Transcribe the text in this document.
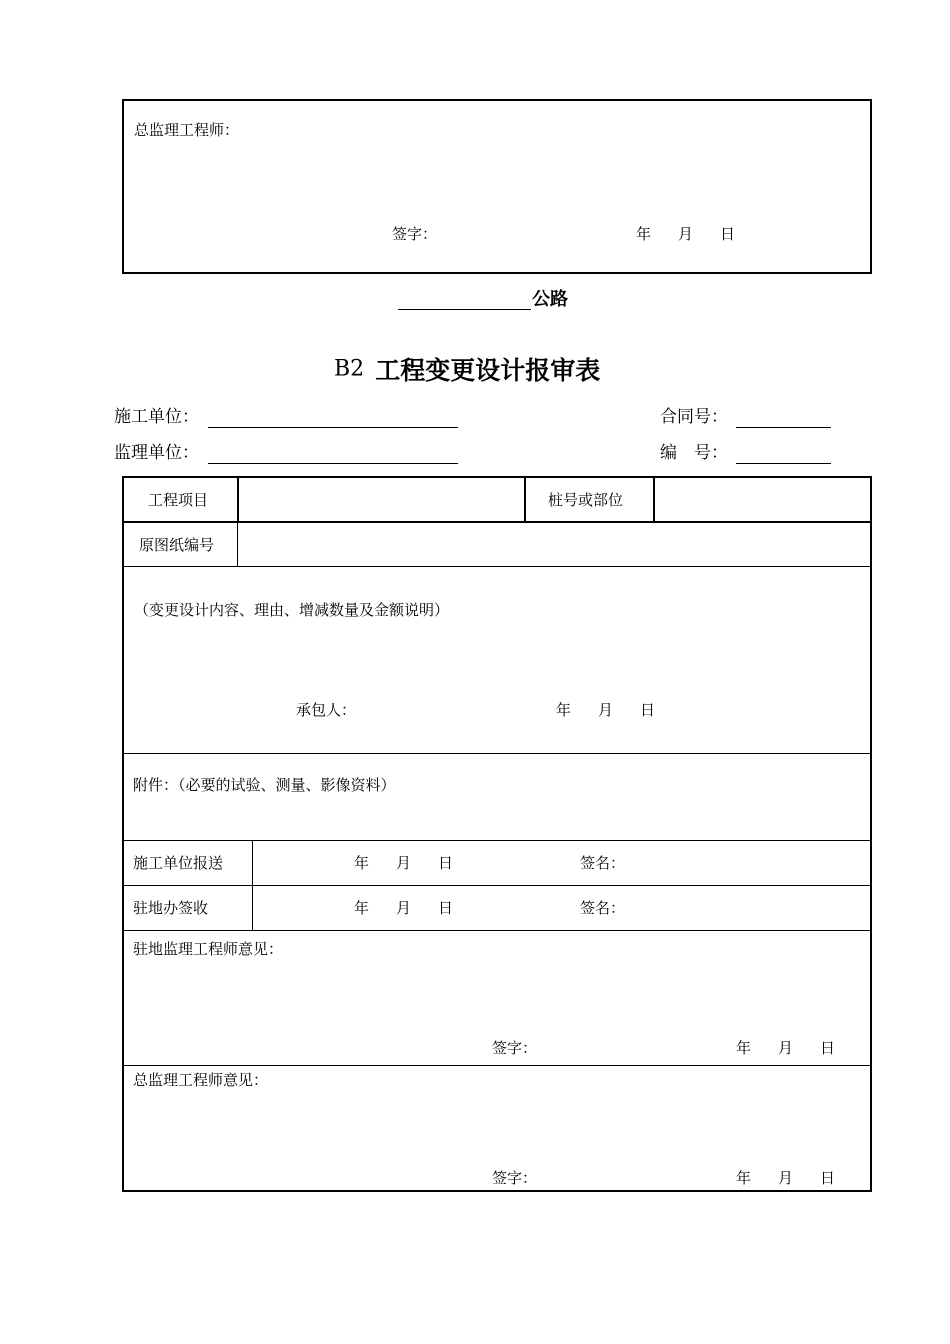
总监理工程师：
签字：	年 月 日
公路
B2 工程变更设计报审表
施工单位：	合同号：
监理单位：	编　号：
工程项目	桩号或部位
原图纸编号
（变更设计内容、理由、增减数量及金额说明）
承包人：	年 月 日
附件：（必要的试验、测量、影像资料）
施工单位报送	年 月 日	签名：
驻地办签收	年 月 日	签名：
驻地监理工程师意见：
签字：	年 月 日
总监理工程师意见：
签字：	年 月 日
